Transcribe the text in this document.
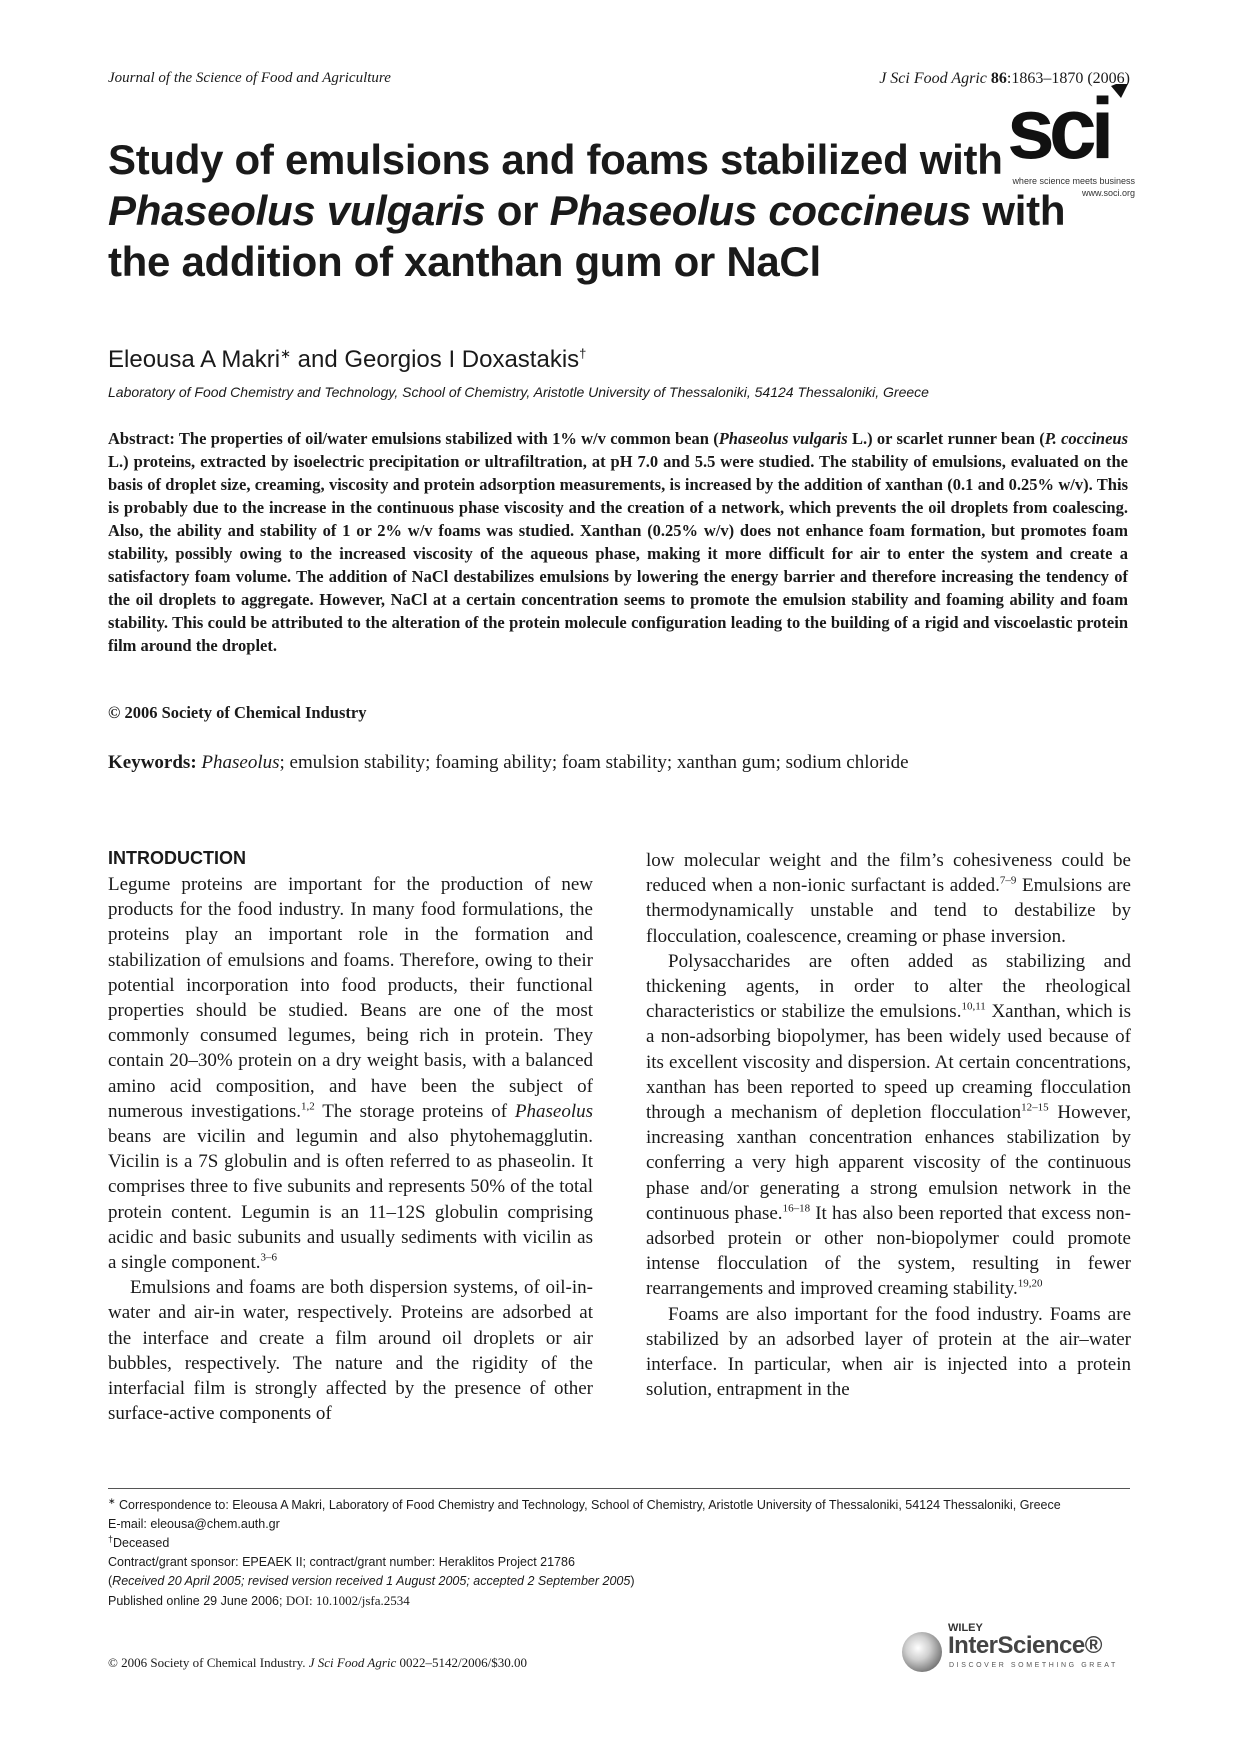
Journal of the Science of Food and Agriculture	J Sci Food Agric 86:1863–1870 (2006)
sci
where science meets business
www.soci.org
Study of emulsions and foams stabilized with Phaseolus vulgaris or Phaseolus coccineus with the addition of xanthan gum or NaCl
Eleousa A Makri∗ and Georgios I Doxastakis†
Laboratory of Food Chemistry and Technology, School of Chemistry, Aristotle University of Thessaloniki, 54124 Thessaloniki, Greece

Abstract: The properties of oil/water emulsions stabilized with 1% w/v common bean (Phaseolus vulgaris L.) or scarlet runner bean (P. coccineus L.) proteins, extracted by isoelectric precipitation or ultrafiltration, at pH 7.0 and 5.5 were studied. The stability of emulsions, evaluated on the basis of droplet size, creaming, viscosity and protein adsorption measurements, is increased by the addition of xanthan (0.1 and 0.25% w/v). This is probably due to the increase in the continuous phase viscosity and the creation of a network, which prevents the oil droplets from coalescing. Also, the ability and stability of 1 or 2% w/v foams was studied. Xanthan (0.25% w/v) does not enhance foam formation, but promotes foam stability, possibly owing to the increased viscosity of the aqueous phase, making it more difficult for air to enter the system and create a satisfactory foam volume. The addition of NaCl destabilizes emulsions by lowering the energy barrier and therefore increasing the tendency of the oil droplets to aggregate. However, NaCl at a certain concentration seems to promote the emulsion stability and foaming ability and foam stability. This could be attributed to the alteration of the protein molecule configuration leading to the building of a rigid and viscoelastic protein film around the droplet.

© 2006 Society of Chemical Industry
Keywords: Phaseolus; emulsion stability; foaming ability; foam stability; xanthan gum; sodium chloride
INTRODUCTION

Legume proteins are important for the production of new products for the food industry. In many food formulations, the proteins play an important role in the formation and stabilization of emulsions and foams. Therefore, owing to their potential incorporation into food products, their functional properties should be studied. Beans are one of the most commonly consumed legumes, being rich in protein. They contain 20–30% protein on a dry weight basis, with a balanced amino acid composition, and have been the subject of numerous investigations.$^{1,2}$ The storage proteins of Phaseolus beans are vicilin and legumin and also phytohemagglutin. Vicilin is a 7S globulin and is often referred to as phaseolin. It comprises three to five subunits and represents 50% of the total protein content. Legumin is an 11–12S globulin comprising acidic and basic subunits and usually sediments with vicilin as a single component.$^{3-6}$

Emulsions and foams are both dispersion systems, of oil-in-water and air-in water, respectively. Proteins are adsorbed at the interface and create a film around oil droplets or air bubbles, respectively. The nature and the rigidity of the interfacial film is strongly affected by the presence of other surface-active components of

low molecular weight and the film’s cohesiveness could be reduced when a non-ionic surfactant is added.$^{7-9}$ Emulsions are thermodynamically unstable and tend to destabilize by flocculation, coalescence, creaming or phase inversion.

Polysaccharides are often added as stabilizing and thickening agents, in order to alter the rheological characteristics or stabilize the emulsions.$^{10,11}$ Xanthan, which is a non-adsorbing biopolymer, has been widely used because of its excellent viscosity and dispersion. At certain concentrations, xanthan has been reported to speed up creaming flocculation through a mechanism of depletion flocculation$^{12-15}$ However, increasing xanthan concentration enhances stabilization by conferring a very high apparent viscosity of the continuous phase and/or generating a strong emulsion network in the continuous phase.$^{16-18}$ It has also been reported that excess non-adsorbed protein or other non-biopolymer could promote intense flocculation of the system, resulting in fewer rearrangements and improved creaming stability.$^{19,20}$

Foams are also important for the food industry. Foams are stabilized by an adsorbed layer of protein at the air–water interface. In particular, when air is injected into a protein solution, entrapment in the

∗ Correspondence to: Eleousa A Makri, Laboratory of Food Chemistry and Technology, School of Chemistry, Aristotle University of Thessaloniki, 54124 Thessaloniki, Greece
E-mail: eleousa@chem.auth.gr
†Deceased
Contract/grant sponsor: EPEAEK II; contract/grant number: Heraklitos Project 21786
(Received 20 April 2005; revised version received 1 August 2005; accepted 2 September 2005)
Published online 29 June 2006; DOI: 10.1002/jsfa.2534
© 2006 Society of Chemical Industry. J Sci Food Agric 0022–5142/2006/$30.00
WILEY
InterScience®
DISCOVER SOMETHING GREAT
